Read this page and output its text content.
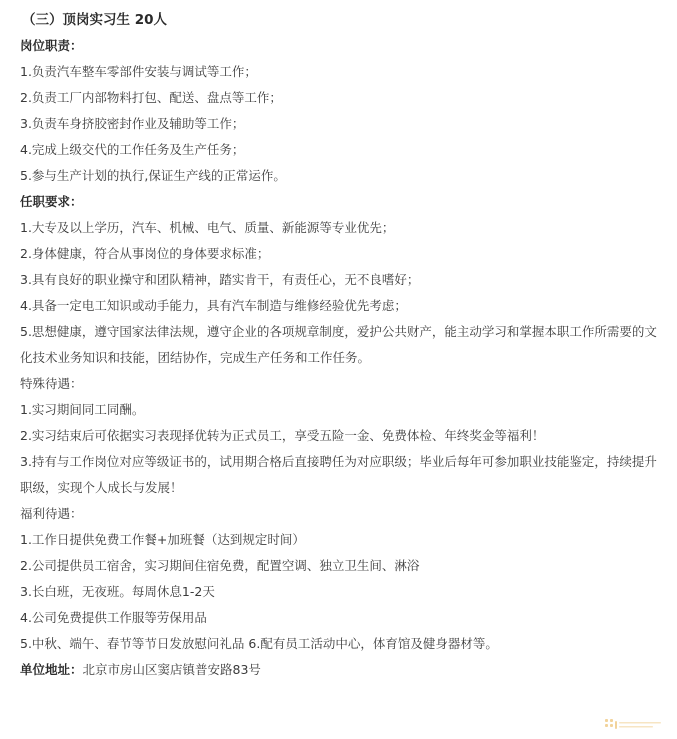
（三）顶岗实习生 20人
岗位职责：
1.负责汽车整车零部件安装与调试等工作；
2.负责工厂内部物料打包、配送、盘点等工作；
3.负责车身挤胶密封作业及辅助等工作；
4.完成上级交代的工作任务及生产任务；
5.参与生产计划的执行,保证生产线的正常运作。
任职要求：
1.大专及以上学历，汽车、机械、电气、质量、新能源等专业优先；
2.身体健康，符合从事岗位的身体要求标准；
3.具有良好的职业操守和团队精神，踏实肯干，有责任心，无不良嗜好；
4.具备一定电工知识或动手能力，具有汽车制造与维修经验优先考虑；
5.思想健康，遵守国家法律法规，遵守企业的各项规章制度，爱护公共财产，能主动学习和掌握本职工作所需要的文化技术业务知识和技能，团结协作，完成生产任务和工作任务。
特殊待遇：
1.实习期间同工同酬。
2.实习结束后可依据实习表现择优转为正式员工，享受五险一金、免费体检、年终奖金等福利！
3.持有与工作岗位对应等级证书的，试用期合格后直接聘任为对应职级；毕业后每年可参加职业技能鉴定，持续提升职级，实现个人成长与发展！
福利待遇：
1.工作日提供免费工作餐+加班餐（达到规定时间）
2.公司提供员工宿舍，实习期间住宿免费，配置空调、独立卫生间、淋浴
3.长白班，无夜班。每周休息1-2天
4.公司免费提供工作服等劳保用品
5.中秋、端午、春节等节日发放慰问礼品 6.配有员工活动中心，体育馆及健身器材等。
单位地址：北京市房山区窦店镇普安路83号
